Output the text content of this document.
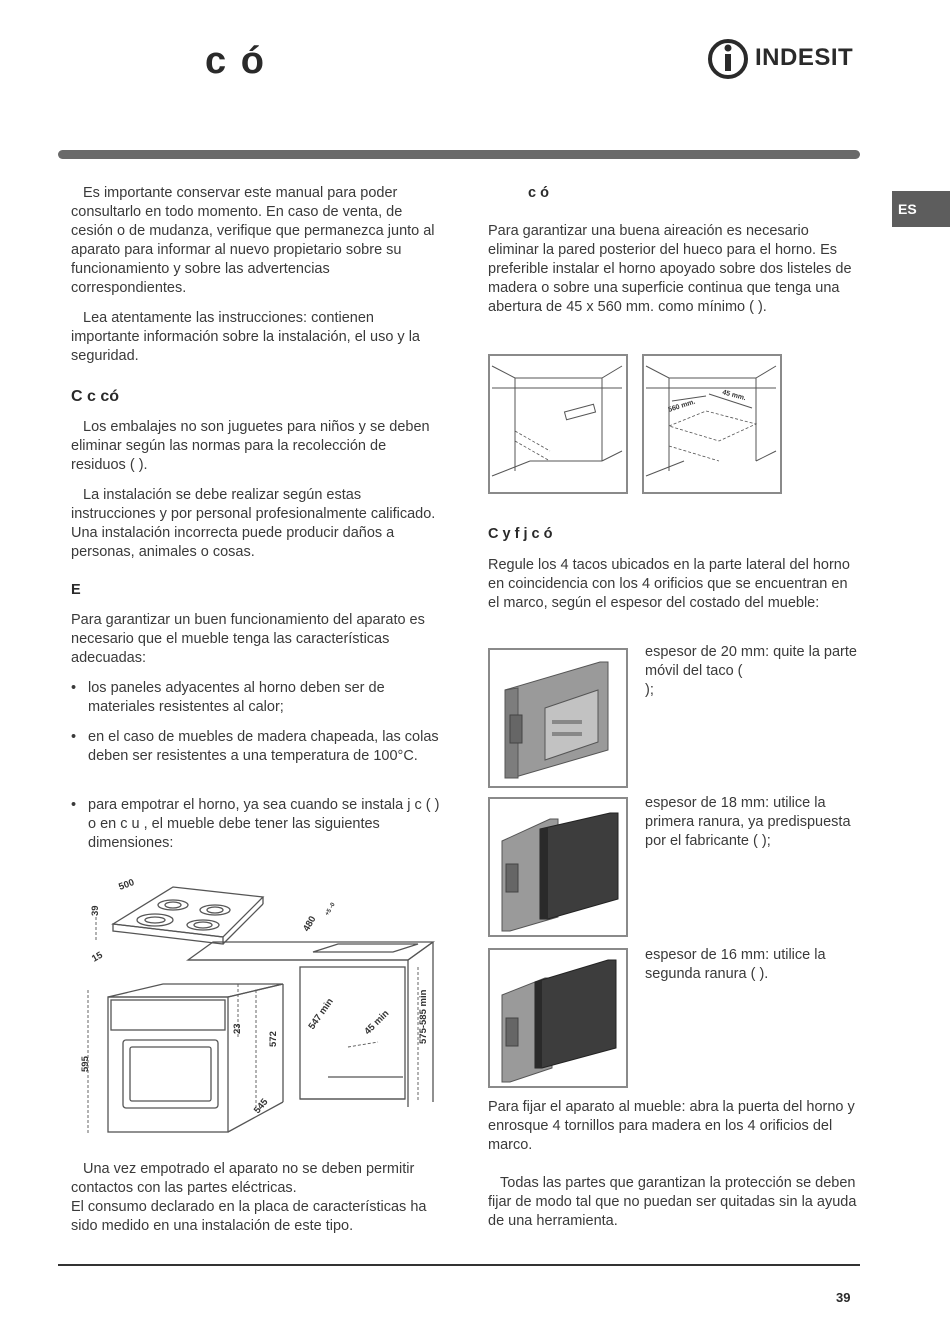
c ó	INDESIT
ES
Es importante conservar este manual para poder consultarlo en todo momento. En caso de venta, de cesión o de mudanza, verifique que permanezca junto al aparato para informar al nuevo propietario sobre su funcionamiento y sobre las advertencias correspondientes.
Lea atentamente las instrucciones: contienen importante información sobre la instalación, el uso y la seguridad.
C c có
Los embalajes no son juguetes para niños y se deben eliminar según las normas para la recolección de residuos ( ).
La instalación se debe realizar según estas instrucciones y por personal profesionalmente calificado. Una instalación incorrecta puede producir daños a personas, animales o cosas.
E
Para garantizar un buen funcionamiento del aparato es necesario que el mueble tenga las características adecuadas:
• los paneles adyacentes al horno deben ser de materiales resistentes al calor;
• en el caso de muebles de madera chapeada, las colas deben ser resistentes a una temperatura de 100°C.
• para empotrar el horno, ya sea cuando se instala j c ( ) o en c u , el mueble debe tener las siguientes dimensiones:
500
39
15
480
+5 -0
547 min	45 min	575-585 min
595
23
572
545
Una vez empotrado el aparato no se deben permitir contactos con las partes eléctricas.
El consumo declarado en la placa de características ha sido medido en una instalación de este tipo.
c ó
Para garantizar una buena aireación es necesario eliminar la pared posterior del hueco para el horno. Es preferible instalar el horno apoyado sobre dos listeles de madera o sobre una superficie continua que tenga una abertura de 45 x 560 mm. como mínimo ( ).
560 mm.
45 mm.
C y f j c ó
Regule los 4 tacos ubicados en la parte lateral del horno en coincidencia con los 4 orificios que se encuentran en el marco, según el espesor del costado del mueble:
espesor de 20 mm: quite la parte móvil del taco (
);
espesor de 18 mm: utilice la primera ranura, ya predispuesta por el fabricante ( );
espesor de 16 mm: utilice la segunda ranura ( ).
Para fijar el aparato al mueble: abra la puerta del horno y enrosque 4 tornillos para madera en los 4 orificios del marco.
Todas las partes que garantizan la protección se deben fijar de modo tal que no puedan ser quitadas sin la ayuda de una herramienta.
39
